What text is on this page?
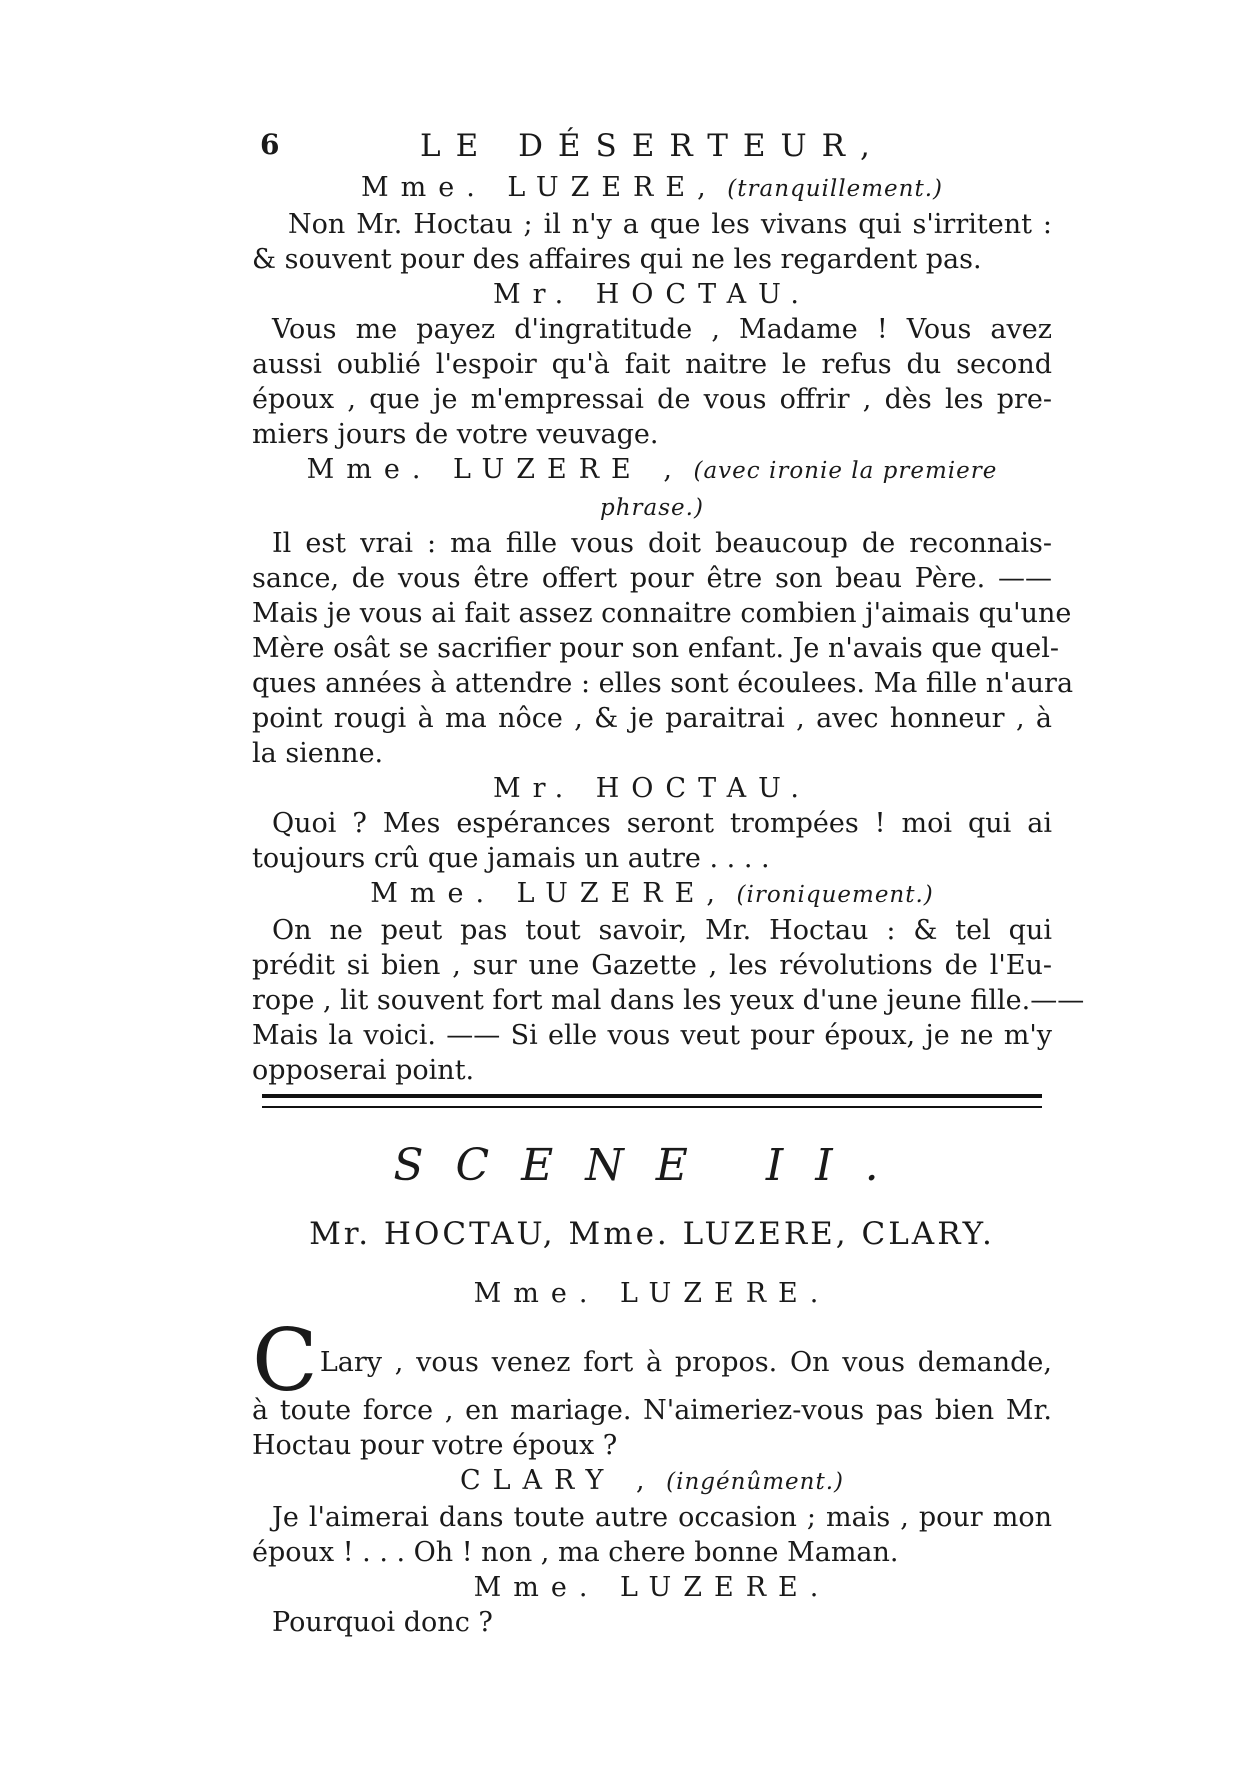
6	LE DÉSERTEUR,
Mme. LUZERE, (tranquillement.)
Non Mr. Hoctau ; il n'y a que les vivans qui s'irritent :
& souvent pour des affaires qui ne les regardent pas.
Mr. HOCTAU.
Vous me payez d'ingratitude , Madame ! Vous avez
aussi oublié l'espoir qu'à fait naitre le refus du second
époux , que je m'empressai de vous offrir , dès les pre-
miers jours de votre veuvage.
Mme. LUZERE , (avec ironie la premiere phrase.)
Il est vrai : ma fille vous doit beaucoup de reconnais-
sance, de vous être offert pour être son beau Père. ——
Mais je vous ai fait assez connaitre combien j'aimais qu'une
Mère osât se sacrifier pour son enfant. Je n'avais que quel-
ques années à attendre : elles sont écoulees. Ma fille n'aura
point rougi à ma nôce , & je paraitrai , avec honneur , à
la sienne.
Mr. HOCTAU.
Quoi ? Mes espérances seront trompées ! moi qui ai
toujours crû que jamais un autre . . . .
Mme. LUZERE, (ironiquement.)
On ne peut pas tout savoir, Mr. Hoctau : & tel qui
prédit si bien , sur une Gazette , les révolutions de l'Eu-
rope , lit souvent fort mal dans les yeux d'une jeune fille.——
Mais la voici. —— Si elle vous veut pour époux, je ne m'y
opposerai point.
SCENE II.
Mr. HOCTAU, Mme. LUZERE, CLARY.
Mme. LUZERE.
C Lary , vous venez fort à propos. On vous demande,
à toute force , en mariage. N'aimeriez-vous pas bien Mr.
Hoctau pour votre époux ?
CLARY , (ingénûment.)
Je l'aimerai dans toute autre occasion ; mais , pour mon
époux ! . . . Oh ! non , ma chere bonne Maman.
Mme. LUZERE.
Pourquoi donc ?
